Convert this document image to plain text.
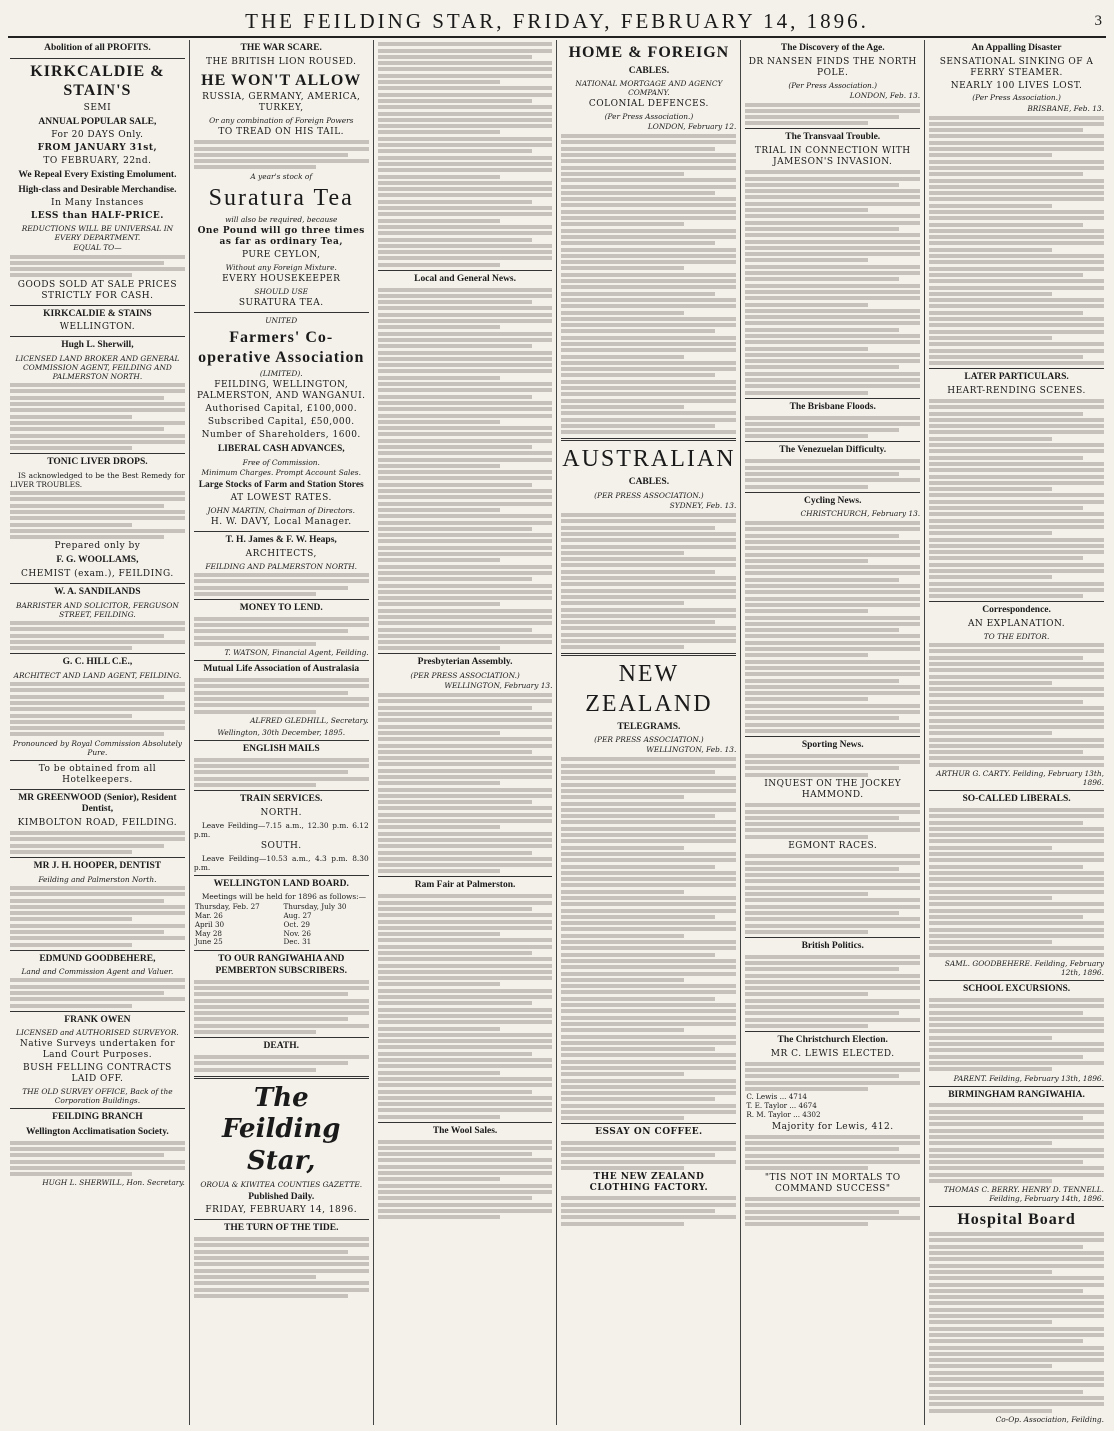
THE FEILDING STAR, FRIDAY, FEBRUARY 14, 1896.	3
Abolition of all PROFITS.
KIRKCALDIE & STAIN'S
SEMI
ANNUAL POPULAR SALE,
For 20 DAYS Only.
FROM JANUARY 31st,
TO FEBRUARY, 22nd.
We Repeal Every Existing Emolument.
High-class and Desirable Merchandise.
In Many Instances
LESS than HALF-PRICE.
REDUCTIONS WILL BE UNIVERSAL IN EVERY DEPARTMENT.
EQUAL TO—
GOODS SOLD AT SALE PRICES STRICTLY FOR CASH.
KIRKCALDIE & STAINS
WELLINGTON.
Hugh L. Sherwill,
LICENSED LAND BROKER AND GENERAL COMMISSION AGENT, FEILDING AND PALMERSTON NORTH.
TONIC LIVER DROPS.
IS acknowledged to be the Best Remedy for LIVER TROUBLES.
Prepared only by
F. G. WOOLLAMS,
CHEMIST (exam.), FEILDING.
W. A. SANDILANDS
BARRISTER AND SOLICITOR, FERGUSON STREET, FEILDING.
G. C. HILL C.E.,
ARCHITECT AND LAND AGENT, FEILDING.
Pronounced by Royal Commission Absolutely Pure.
To be obtained from all Hotelkeepers.
MR GREENWOOD (Senior), Resident Dentist,
KIMBOLTON ROAD, FEILDING.
MR J. H. HOOPER, DENTIST
Feilding and Palmerston North.
EDMUND GOODBEHERE,
Land and Commission Agent and Valuer.
FRANK OWEN
LICENSED and AUTHORISED SURVEYOR.
Native Surveys undertaken for Land Court Purposes.
BUSH FELLING CONTRACTS LAID OFF.
THE OLD SURVEY OFFICE, Back of the Corporation Buildings.
FEILDING BRANCH
Wellington Acclimatisation Society.
HUGH L. SHERWILL, Hon. Secretary.
THE WAR SCARE.
THE BRITISH LION ROUSED.
HE WON'T ALLOW
RUSSIA, GERMANY, AMERICA, TURKEY,
Or any combination of Foreign Powers
TO TREAD ON HIS TAIL.
A year's stock of
Suratura Tea
will also be required, because
One Pound will go three times as far as ordinary Tea,
PURE CEYLON,
Without any Foreign Mixture.
EVERY HOUSEKEEPER
SHOULD USE
SURATURA TEA.
UNITED
Farmers' Co-operative Association
(LIMITED).
FEILDING, WELLINGTON, PALMERSTON, AND WANGANUI.
Authorised Capital, £100,000.
Subscribed Capital, £50,000.
Number of Shareholders, 1600.
LIBERAL CASH ADVANCES,
Free of Commission.
Minimum Charges. Prompt Account Sales.
Large Stocks of Farm and Station Stores
AT LOWEST RATES.
JOHN MARTIN, Chairman of Directors.
H. W. DAVY, Local Manager.
T. H. James & F. W. Heaps,
ARCHITECTS,
FEILDING AND PALMERSTON NORTH.
MONEY TO LEND.
T. WATSON, Financial Agent, Feilding.
Mutual Life Association of Australasia
ALFRED GLEDHILL, Secretary.
Wellington, 30th December, 1895.
ENGLISH MAILS
TRAIN SERVICES.
NORTH.
Leave Feilding—7.15 a.m., 12.30 p.m. 6.12 p.m.
SOUTH.
Leave Feilding—10.53 a.m., 4.3 p.m. 8.30 p.m.
WELLINGTON LAND BOARD.
Meetings will be held for 1896 as follows:—
Thursday, Feb. 27	Thursday, July 30
Mar. 26	Aug. 27
April 30	Oct. 29
May 28	Nov. 26
June 25	Dec. 31
TO OUR RANGIWAHIA AND PEMBERTON SUBSCRIBERS.
DEATH.
The Feilding Star,
OROUA & KIWITEA COUNTIES GAZETTE.
Published Daily.
FRIDAY, FEBRUARY 14, 1896.
THE TURN OF THE TIDE.
Local and General News.
Presbyterian Assembly.
(PER PRESS ASSOCIATION.)
WELLINGTON, February 13.
Ram Fair at Palmerston.
The Wool Sales.
HOME & FOREIGN
CABLES.
NATIONAL MORTGAGE AND AGENCY COMPANY.
COLONIAL DEFENCES.
(Per Press Association.)
LONDON, February 12.
AUSTRALIAN
CABLES.
(PER PRESS ASSOCIATION.)
SYDNEY, Feb. 13.
NEW ZEALAND
TELEGRAMS.
(PER PRESS ASSOCIATION.)
WELLINGTON, Feb. 13.
ESSAY ON COFFEE.
THE NEW ZEALAND CLOTHING FACTORY.
The Discovery of the Age.
DR NANSEN FINDS THE NORTH POLE.
(Per Press Association.)
LONDON, Feb. 13.
The Transvaal Trouble.
TRIAL IN CONNECTION WITH JAMESON'S INVASION.
The Brisbane Floods.
The Venezuelan Difficulty.
Cycling News.
CHRISTCHURCH, February 13.
Sporting News.
INQUEST ON THE JOCKEY HAMMOND.
EGMONT RACES.
British Politics.
The Christchurch Election.
MR C. LEWIS ELECTED.
C. Lewis ... 4714
T. E. Taylor ... 4674
R. M. Taylor ... 4302
Majority for Lewis, 412.
"TIS NOT IN MORTALS TO COMMAND SUCCESS"
An Appalling Disaster
SENSATIONAL SINKING OF A FERRY STEAMER.
NEARLY 100 LIVES LOST.
(Per Press Association.)
BRISBANE, Feb. 13.
LATER PARTICULARS.
HEART-RENDING SCENES.
Correspondence.
AN EXPLANATION.
TO THE EDITOR.
ARTHUR G. CARTY. Feilding, February 13th, 1896.
SO-CALLED LIBERALS.
SAML. GOODBEHERE. Feilding, February 12th, 1896.
SCHOOL EXCURSIONS.
PARENT. Feilding, February 13th, 1896.
BIRMINGHAM RANGIWAHIA.
THOMAS C. BERRY. HENRY D. TENNELL. Feilding, February 14th, 1896.
Hospital Board
Co-Op. Association, Feilding.
